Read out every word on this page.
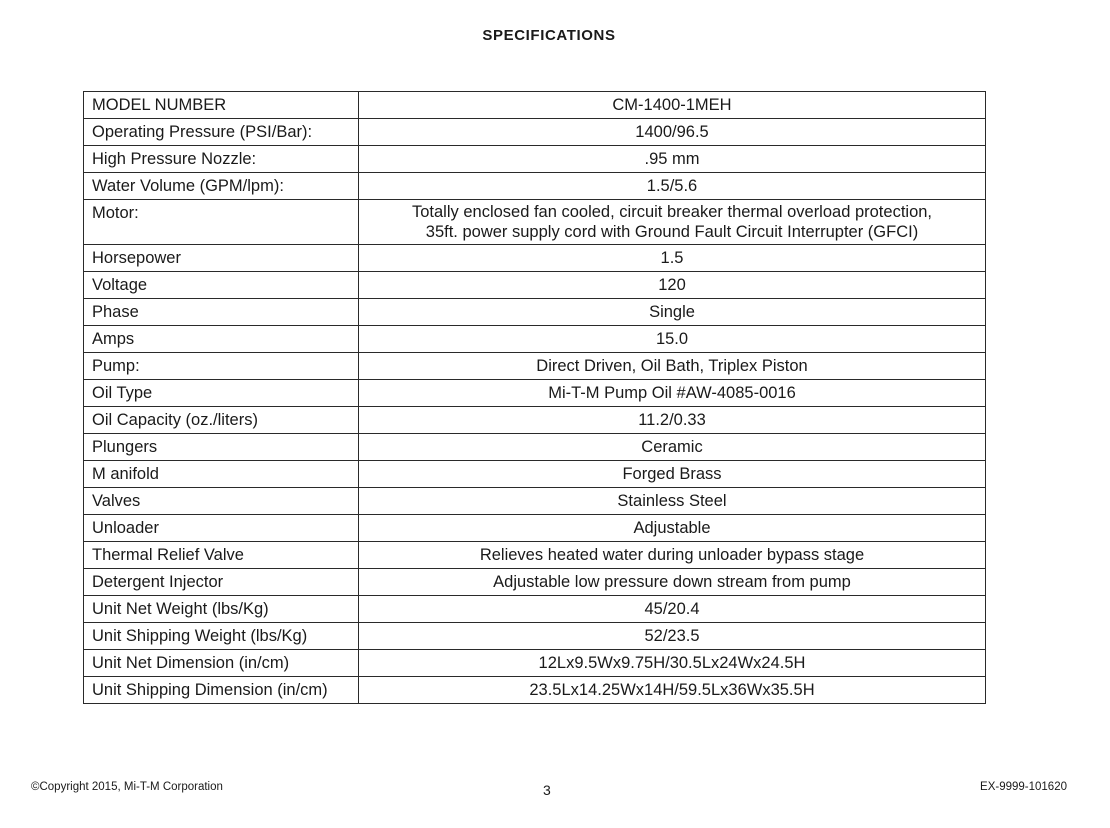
SPECIFICATIONS
MODEL NUMBER	CM-1400-1MEH

Operating Pressure (PSI/Bar):	1400/96.5

High Pressure Nozzle:	.95 mm

Water Volume (GPM/lpm):	1.5/5.6

Motor:	Totally enclosed fan cooled, circuit breaker thermal overload protection,
35ft. power supply cord with Ground Fault Circuit Interrupter (GFCI)

Horsepower	1.5

Voltage	120

Phase	Single

Amps	15.0

Pump:	Direct Driven, Oil Bath, Triplex Piston

Oil Type	Mi-T-M Pump Oil #AW-4085-0016

Oil Capacity (oz./liters)	11.2/0.33

Plungers	Ceramic

M anifold	Forged Brass

Valves	Stainless Steel

Unloader	Adjustable

Thermal Relief Valve	Relieves heated water during unloader bypass stage

Detergent Injector	Adjustable low pressure down stream from pump

Unit Net Weight (lbs/Kg)	45/20.4

Unit Shipping Weight (lbs/Kg)	52/23.5

Unit Net Dimension (in/cm)	12Lx9.5Wx9.75H/30.5Lx24Wx24.5H

Unit Shipping Dimension (in/cm)	23.5Lx14.25Wx14H/59.5Lx36Wx35.5H
©Copyright 2015, Mi-T-M Corporation	3	EX-9999-101620
